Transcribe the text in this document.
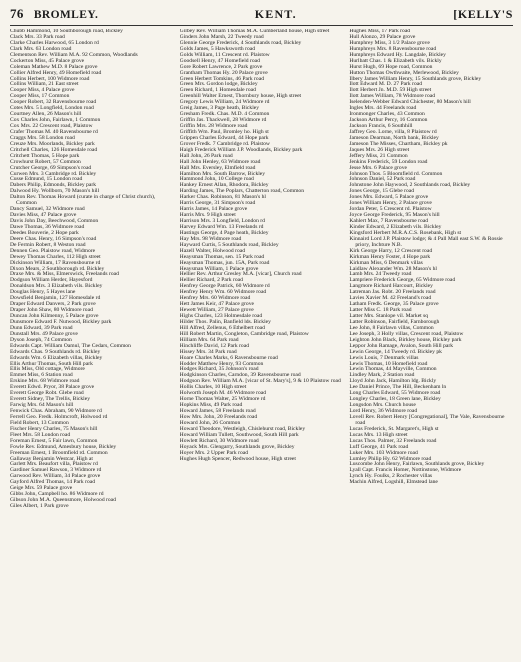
76 BROMLEY.	KENT.	[KELLY'S
Chubb Hammond, 10 Southborough road, Bickley
Clack Mrs. 33 Park road
Clarke Charles Harwood, 65 London rd
Clark Mrs. 63 London road
Clementson Rev. William M.A. 92 Common, Woodlands
Cockerton Miss, 45 Palace grove
Coleman Mathew M.D. 8 Palace grove
Collier Alfred Henry, 49 Homefield road
Collins Herbert, 100 Widmore road
Collins William, 21 East street
Cooper Miss, 4 Palace grove
Cooper Miss, 17 Common
Cooper Robert, 32 Ravensbourne road
Cotes Mrs. 5 Longfield, London road
Courtney Allen, 26 Mason's hill
Cox Charles John, Fairlawn, 1 Common
Cox Mrs. 22 Crescent road, Plaistow
Crafer Thomas M. 40 Ravensbourne rd
Craggs Mrs. 58 London road
Creuze Mrs. Moorlands, Bickley park
Critchell Charles, 126 Homesdale road
Critchett Thomas, 5 Hope park
Crowhurst Robert, 57 Common
Crutcher George, 69 Simpson's road
Curwen Mrs. 3 Cambridge rd. Bickley
Cusse Edmund, 15 London road
Dabers Philip, Edmonds, Bickley park
Dalwood Hy. Wollborn, 70 Mason's hill
Dalton Rev. Thomas Howard (curate in charge of Christ church), Common
Dancy Samuel, 32 Widmore road
Davies Miss, 47 Palace grove
Davis John Day, Beechwood, Common
Dawe Thomas, 36 Widmore road
Deedes Bouverie, 2 Hope park
Deere Chas. Henry, 16 Simpson's road
De Fermin Robert, 8 Weston road
Dennen Geo. Plaistow road, Widmore
Dewey Thomas Charles, 112 High street
Dickinson William, 17 Ravensbourne rd
Dixon Mears, 2 Southborough rd. Bickley
Draxe Mrs. & Miss, Elmerswick, Freelands road
Dodgson William Herder, Hayesford
Donaldson Mrs. 3 Elizabeth vils. Bickley
Douglas Henry, 5 Hayes lane
Dowsfield Benjamin, 127 Homesdale rd
Draper Edward Danvers, 2 Park grove
Draper John Shaw, 80 Widmore road
Duncan John Kilmenny, 5 Palace grove
Dunsmore Edward F. Nutwood, Bickley park
Dunn Edward, 39 Park road
Dunstall Mrs. 49 Palace grove
Dyson Joseph, 74 Common
Edwards Capt. William Oamul, The Cedars, Common
Edwards Chas. 9 Southlands rd. Bickley
Edwards Wm. 6 Elizabeth villas, Bickley
Ellis Arthur Thomas, South Hill park
Ellis Miss, Old cottage, Widmore
Emmet Miss, 6 Station road
Erskine Mrs. 68 Widmore road
Everett Edwd. Pryor, 38 Palace grove
Everett George Robt. Glebe road
Everett Sidney, The Trellis, Bickley
Farwig Mrs. 64 Mason's hill
Fenwick Chas. Abraham, 90 Widmore rd
Ferrell Geo. Fredk. Holmcroft, Holwood rd
Field Robert, 13 Common
Fischer Henry Charles, 75 Mason's hill
Fleet Mrs. 58 London road
Foreman Ernest, 5 Fair lawn, Common
Fowle Rev. Edmund, Amesbury house, Bickley
Freeman Ernest, 1 Broomfield rd. Common
Gallaway Benjamin Westcar, High at
Garlett Mrs. Beaufort villa, Plaistow rd
Gardiner Samuel Rawson, 3 Widmore rd
Garwood Rev. William, 34 Palace grove
Gayford Alfred Thomas, 14 Park road
Geige Mrs. 59 Palace grove
Gibbs John, Campbell ho. 86 Widmore rd
Gibson John M.A. Queensmore, Holwood road
Giles Albert, 1 Park grove
Gilbey Rev. William Thomas M.A. Cumberland house, High street
Ginders John Marsh, 22 Tweedy road
Glennie George Frederick, 4 Southlands road, Bickley
Golds James, 5 Hawksworth road
Golds William, 11 Crescent rd. Plaistow
Goodsell Henry, 47 Homefield road
Gore Robert Lawrence, 2 Park grove
Grantham Thomas Hy. 20 Palace grove
Green Herbert Tomkins, 46 Park road
Green Mrs. Gordon lodge, Bickley
Green Richard, 1 Homesdale road
Greenhill Walter Ernest, Thornbury house, High street
Gregory Lewis William, 24 Widmore rd
Greig James, 3 Page heath, Bickley
Gresham Fredk. Chas. M.D. 4 Common
Griffin Jas. Thackwell, 28 Widmore rd
Griffin Mrs. 28 Widmore road
Griffith Wm. Paul, Bromley ho. High st
Grippen Charles Edward, 44 Hope park
Grover Fredk. 7 Cambridge rd. Plaistow
Haigh Frederick William J.P. Woodlands, Bickley park
Hall John, 26 Park road
Hall John Henley, 63 Widmore road
Hall Mrs. Eversley, Elmfield road
Hamilton Mrs. South Barrow, Bickley
Hammond John, 10 College road
Hankey Ernest Allan, Rhodora, Bickley
Harding James, The Poplars, Chatterton road, Common
Harker Chas. Robinson, 81 Mason's hl
Harris George, 31 Simpson's road
Harris James, 14 Palace grove
Harris Mrs. 9 High street
Harrison Mrs. 3 Longfield, London rd
Harvey Edward Wm. 13 Freelands rd
Hastings George, 4 Page heath, Bickley
Hay Mrs. 98 Widmore road
Hayward Curtis, 5 Southlands road, Bickley
Hazell Walter, Holwood road
Heaysman Thomas, sen. 15 Park road
Heaysman Thomas, jun. 15A, Park road
Heaysman William, 1 Palace grove
Hellier Rev. Arthur Gresley M.A. [vicar], Church road
Hellier Richard, 2 Park road
Henfrey George Patrick, 60 Widmore rd
Henfrey Henry Wm. 60 Widmore road
Henfrey Mrs. 60 Widmore road
Hett James Keir, 47 Palace grove
Hewett William, 27 Palace grove
Highs Charles, 123 Holmesdale road
Hilder Thos. Palin, Banfield lds. Bickley
Hill Alfred, Zellenus, 6 Ethelbert road
Hill Robert Martin, Congleton, Cambridge road, Plaistow
Hilliam Mrs. 64 Park road
Hinchliffe David, 12 Park road
Hissey Mrs. 34 Park road
Hoare Charles Marks, 6 Ravensbourne road
Hodder Matthew Henry, 93 Common
Hodges Richard, 35 Johnson's road
Hodgkinson Charles, Carndon, 39 Ravensbourne road
Hodgson Rev. William M.A. [vicar of St. Mary's], 9 & 10 Plaistow road
Hollis Charles, 10 High street
Holworth Joseph M. 46 Widmore road
Horne Thomas Walter, 25 Widmore rd
Hopkins Miss, 49 Park road
Howard James, 58 Freelands road
How Mrs. John, 20 Freelands road
Howard John, 26 Common
Howard Theodore, Westleigh, Chislehurst road, Bickley
Howard William Tullett, Southwood, South Hill park
Howlett Richard, 30 Widmore road
Hoyack Mrs. Glengarry, Southlands grove, Bickley
Hoyer Mrs. 2 Upper Park road
Hughes Hugh Spencer, Redwood house, High street
Hughes Miss, 17 Park road
Hull Alonzo, 29 Palace grove
Humphrey Miss, 3 1/2 Palace grove
Humphreys Mrs. 8 Ravensbourne road
Humphreys Edward Hy. Langdale, Bickley
Hurlbatt Chas. 1 & Elizabeth vils. Bickly
Hurst Hugh, 69 Hope road, Common
Hutton Thomas Owthwaite, Merlewood, Bickley
Ilbery James William Henry, 15 Southlands grove, Bickley
Ilott Edward M. D. 27 Park road
Ilott Herbert Jn. M.D. 59 High street
Ilott James William, 78 Widmore road
Iselenden-Webber Edward Chichester, 80 Mason's hill
Ingles Mrs. 44 Freelands road
Ironmonger Charles, 43 Common
Jackson Arthur Percy, 16 Common
Jackson Francis, 6 Southhill
Jaffrey Geo. Lorne, villa, 8 Plaistow rd
Jameson Dearman, North bank, Bickley
Jameson The Misses, Chartham, Bickley pk
Jaques Mrs. 26 High street
Jeffery Miss, 21 Common
Jenkins Frederick, 59 London road
Jesse Mrs. 6 Palace grove
Johnson Thos. 5 Bloomfield rd. Common
Johnson Daniel, 52 Park road
Johnstone John Haywood, 2 Southlands road, Bickley
Jones George, 15 Glebe road
Jones Mrs. Edward, 5 Palace grove
Jones William Henry, 2 Palace grove
Jordan Peter, 5 Crescent rd. Plaistow
Joyce George Frederick, 95 Mason's hill
Kahlert Max, 7 Ravensbourne road
Kinder Edward, 2 Elizabeth vils. Bickley
Kingsford Herbert M.R.A.C.S. Rosebank, High st
Kinnaird Lord J.P. Plaistow lodge; & 4 Pall Mall east S.W. & Rossie priory, Inchture N.B.
Kirk George Harry, 12 Crescent road
Kirkman Henry Foster, 4 Hope park
Kirkman Miss, 6 Denmark villas
Laidlaw Alexander Wm. 28 Mason's hl
Lamb Mrs. 24 Tweedy road
Lampriere Frederick George, 65 Widmore road
Langmore Richard Harcourt, Bickley
Latreman Jas. Robt. 20 Freelands road
Lavies Xavier M. 42 Freeland's road
Latham Fredk. George, 35 Palace grove
Latter Miss C. 18 Park road
Latter Mrs. Stanlope vil. Market sq
Latter Robinson, Fairfield, Farnborough
Lee John, 8 Fairlawn villas, Common
Lee Joseph, 3 Holly villas, Crescent road, Plaistow
Leighton John Black, Birkley house, Bickley park
Leppor John Ramage, Avalon, South Hill park
Lewin George, 14 Tweedy rd. Bickley pk
Lewis Louis, 7 Denmark villas
Lewis Thomas, 10 Homefield road
Lewin Thomas, 44 Mayville, Common
Lindley Mark, 2 Station road
Lloyd John Jack, Hamilton ldg. Bickly
Lee Daniel Prince, The Hill, Beckenham ln
Long Charles Edward, 55 Widmore road
Longley Charles, 18 Green lane, Bickley
Longsdon Mrs. Church house
Lord Henry, 36 Widmore road
Lovell Rev. Robert Henry [Congregational], The Vale, Ravensbourne road
Lucas Frederick, St. Margaret's, High st
Lucas Mrs. 13 High street
Lucas Thos. Palmer, 32 Freelands road
Luff George, 41 Park road
Luker Mrs. 103 Widmore road
Lumley Philip Hy. 62 Widmore road
Luscombe John Henry, Fairlawn, Southlands grove, Bickley
Lyall Capt. Francis Homer, Nottinstone, Widmore
Lynch Hy. Foulks, 2 Rochester villas
Machin Alfred, Logshill, Elmstead lane
